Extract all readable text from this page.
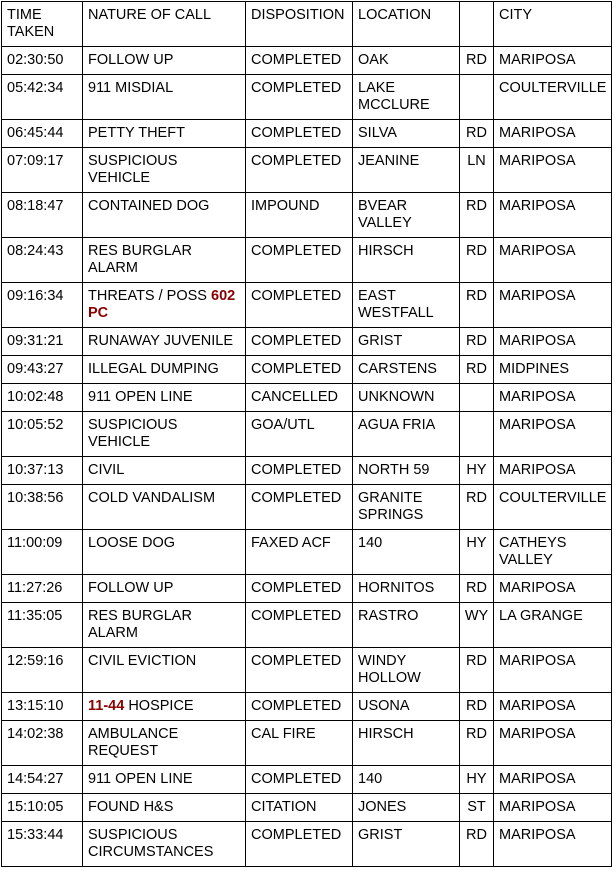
TIME TAKEN	NATURE OF CALL	DISPOSITION	LOCATION		CITY
02:30:50	FOLLOW UP	COMPLETED	OAK	RD	MARIPOSA
05:42:34	911 MISDIAL	COMPLETED	LAKE MCCLURE		COULTERVILLE
06:45:44	PETTY THEFT	COMPLETED	SILVA	RD	MARIPOSA
07:09:17	SUSPICIOUS VEHICLE	COMPLETED	JEANINE	LN	MARIPOSA
08:18:47	CONTAINED DOG	IMPOUND	BVEAR VALLEY	RD	MARIPOSA
08:24:43	RES BURGLAR ALARM	COMPLETED	HIRSCH	RD	MARIPOSA
09:16:34	THREATS / POSS 602 PC	COMPLETED	EAST WESTFALL	RD	MARIPOSA
09:31:21	RUNAWAY JUVENILE	COMPLETED	GRIST	RD	MARIPOSA
09:43:27	ILLEGAL DUMPING	COMPLETED	CARSTENS	RD	MIDPINES
10:02:48	911 OPEN LINE	CANCELLED	UNKNOWN		MARIPOSA
10:05:52	SUSPICIOUS VEHICLE	GOA/UTL	AGUA FRIA		MARIPOSA
10:37:13	CIVIL	COMPLETED	NORTH 59	HY	MARIPOSA
10:38:56	COLD VANDALISM	COMPLETED	GRANITE SPRINGS	RD	COULTERVILLE
11:00:09	LOOSE DOG	FAXED ACF	140	HY	CATHEYS VALLEY
11:27:26	FOLLOW UP	COMPLETED	HORNITOS	RD	MARIPOSA
11:35:05	RES BURGLAR ALARM	COMPLETED	RASTRO	WY	LA GRANGE
12:59:16	CIVIL EVICTION	COMPLETED	WINDY HOLLOW	RD	MARIPOSA
13:15:10	11-44 HOSPICE	COMPLETED	USONA	RD	MARIPOSA
14:02:38	AMBULANCE REQUEST	CAL FIRE	HIRSCH	RD	MARIPOSA
14:54:27	911 OPEN LINE	COMPLETED	140	HY	MARIPOSA
15:10:05	FOUND H&S	CITATION	JONES	ST	MARIPOSA
15:33:44	SUSPICIOUS CIRCUMSTANCES	COMPLETED	GRIST	RD	MARIPOSA
